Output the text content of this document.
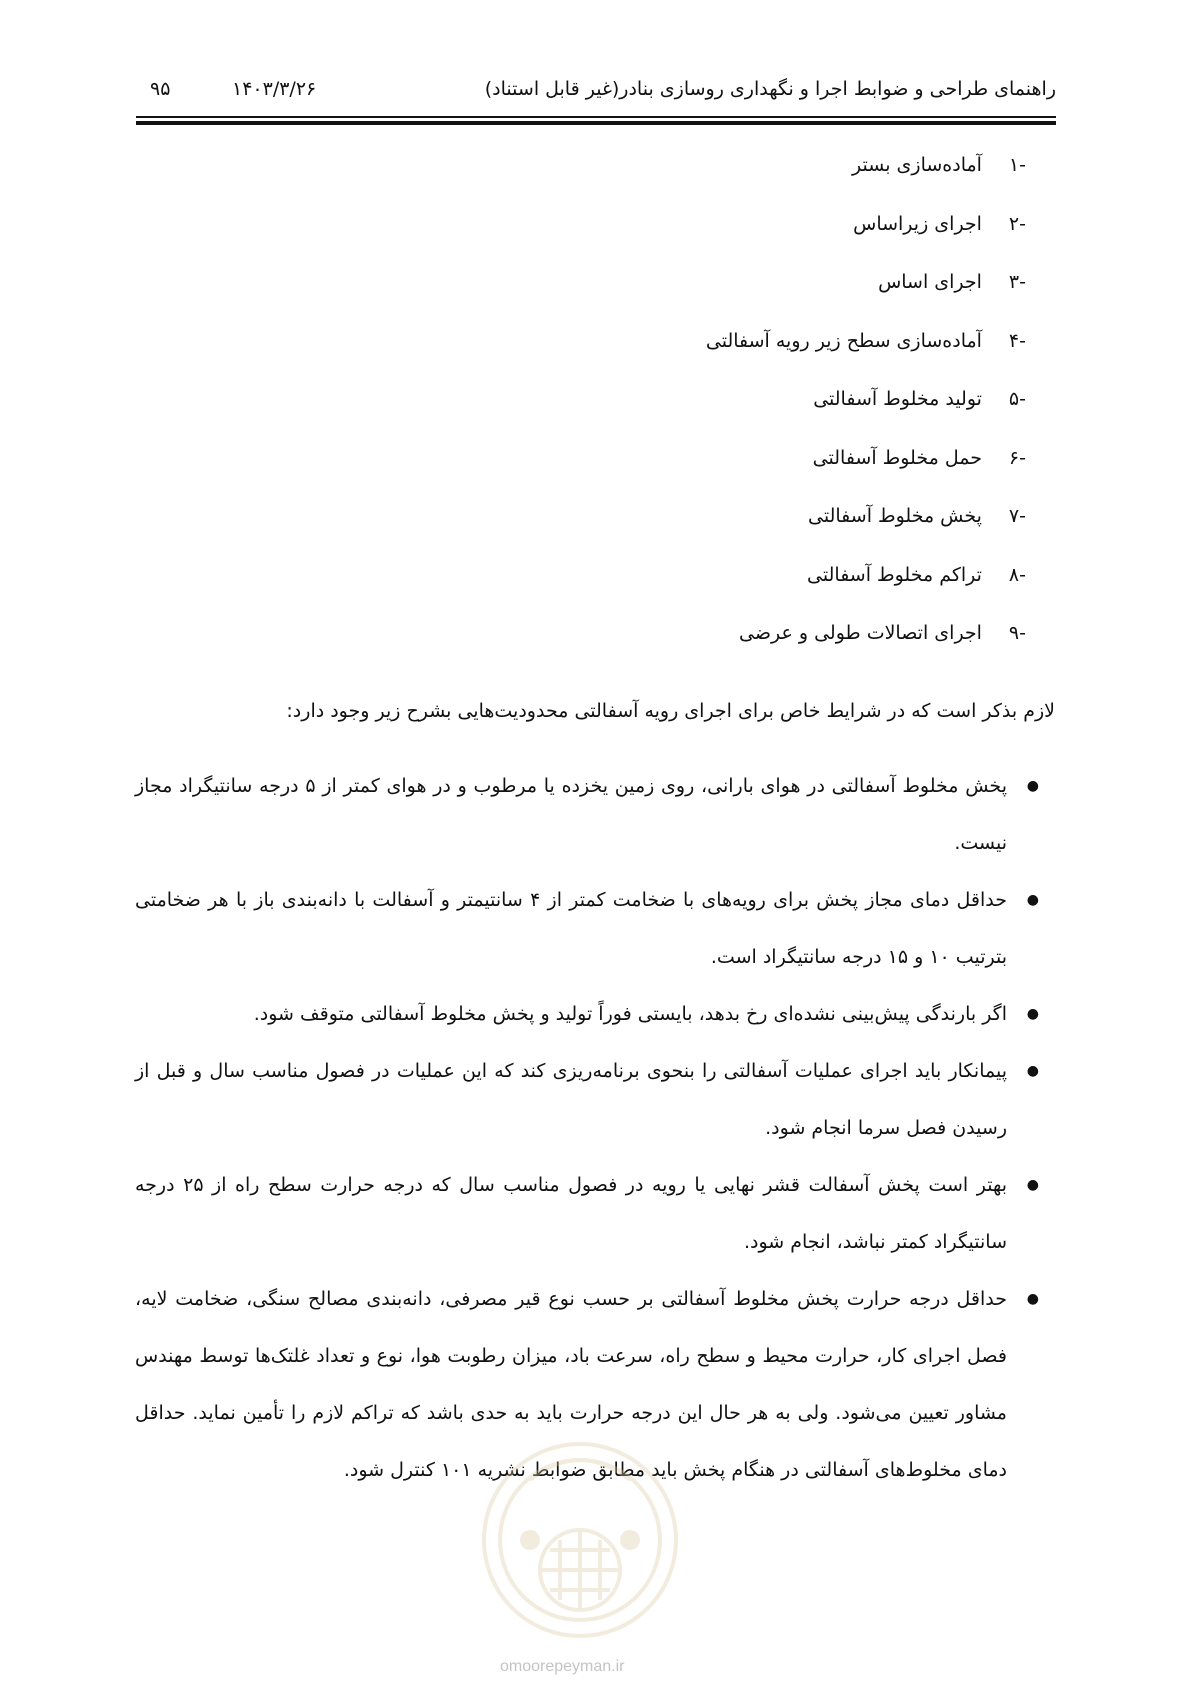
راهنمای طراحی و ضوابط اجرا و نگهداری روسازی بنادر(غیر قابل استناد)
۱۴۰۳/۳/۲۶
۹۵
-۱ آماده‌سازی بستر
-۲ اجرای زیراساس
-۳ اجرای اساس
-۴ آماده‌سازی سطح زیر رویه آسفالتی
-۵ تولید مخلوط آسفالتی
-۶ حمل مخلوط آسفالتی
-۷ پخش مخلوط آسفالتی
-۸ تراکم مخلوط آسفالتی
-۹ اجرای اتصالات طولی و عرضی

لازم بذکر است که در شرایط خاص برای اجرای رویه آسفالتی محدودیت‌هایی بشرح زیر وجود دارد:

●
پخش مخلوط آسفالتی در هوای بارانی، روی زمین یخزده یا مرطوب و در هوای کمتر از ۵ درجه سانتیگراد مجاز نیست.
●
حداقل دمای مجاز پخش برای رویه‌های با ضخامت کمتر از ۴ سانتیمتر و آسفالت با دانه‌بندی باز با هر ضخامتی بترتیب ۱۰ و ۱۵ درجه سانتیگراد است.
●
اگر بارندگی پیش‌بینی نشده‌ای رخ بدهد، بایستی فوراً تولید و پخش مخلوط آسفالتی متوقف شود.
●
پیمانکار باید اجرای عملیات آسفالتی را بنحوی برنامه‌ریزی کند که این عملیات در فصول مناسب سال و قبل از رسیدن فصل سرما انجام شود.
●
بهتر است پخش آسفالت قشر نهایی یا رویه در فصول مناسب سال که درجه حرارت سطح راه از ۲۵ درجه سانتیگراد کمتر نباشد، انجام شود.
●
حداقل درجه حرارت پخش مخلوط آسفالتی بر حسب نوع قیر مصرفی، دانه‌بندی مصالح سنگی، ضخامت لایه، فصل اجرای کار، حرارت محیط و سطح راه، سرعت باد، میزان رطوبت هوا، نوع و تعداد غلتک‌ها توسط مهندس مشاور تعیین می‌شود. ولی به هر حال این درجه حرارت باید به حدی باشد که تراکم لازم را تأمین نماید. حداقل دمای مخلوط‌های آسفالتی در هنگام پخش باید مطابق ضوابط نشریه ۱۰۱ کنترل شود.
omoorepeyman.ir
